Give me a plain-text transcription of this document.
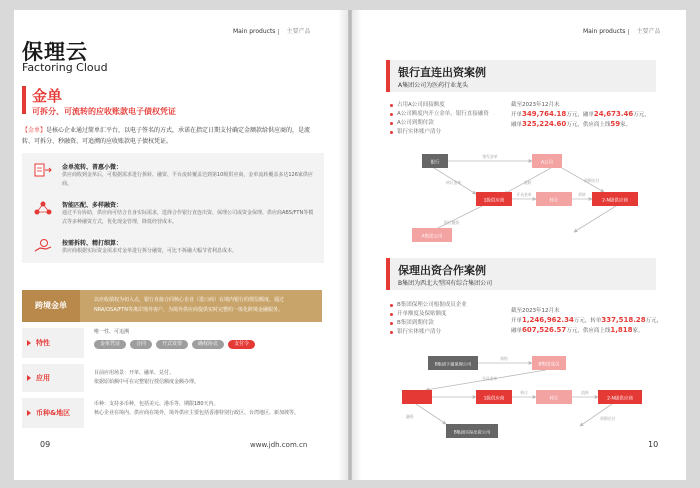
Main products 主要产品
保理云
Factoring Cloud
金单
可拆分、可流转的应收账款电子债权凭证
【金单】是核心企业通过简单汇平台，以电子签名的方式，承诺在指定日期支付确定金额款给供应商的，是流转、可拆分、秒融资、可追溯的应收账款电子债权凭证。
金单流转、普惠小微：
供应商收到金单后，可根据需求进行拆转、融资、平台流转覆盖达到第10级供应商，金单流转覆盖多达126家供应商。
智能匹配、多样融资：
通过平台协助，供应商可结合自身实际需求，选择合作银行直连出资、保理公司或资金保理、供应商ABS/FTN等模式等多种融资方式，优化现金管理，降低经营成本。
按需拆转、精打细算：
供应商根据实际资金需求对金单进行拆分融资，可比不拆融大幅节省利息成本。
跨境金单
以应收债权为切入点，银行直接合同核心企业（进口商）在境内银行的授信额度，通过NRA/OSA/FTN等离岸境外客户，为境外供应商提供实时完整的一体化跨境金融服务。
特性
唯一性、可追溯
金单凭证	合同	开式发票	确权协议	支付令
应用
目前应用场景：开单、融单、兑付。
依据原始额中可在完整银行授信额度金额办理。
币种&地区
币种：支持多币种，包括美元、港币等，期限180天内。
核心企业在境内、供应商在境外，境外供应主要包括香港特别行政区、台湾地区、新加坡等。
09	www.jdh.com.cn
Main products 主要产品
银行直连出资案例
A集团公司为医药行业龙头
占用A公司间接额度
A公司额度内开立金单，银行直接融资
A公司到期付款
银行实体账户清分
截至2023年12月末
开单349,764.18万元，融单24,673.46万元，
融单325,224.60万元，供应商上线59家。
银行	A公司
1级供应商	转让	2-N级供应商
A集团公司
签发金单
转让金单	流转
开具金单
到期兑付
拆转
银行融资
保理出资合作案例
B集团为西北大型国有综合集团公司
B集团保理公司根据成员企业
开单额度及保贴额度
B集团到期付款
银行实体账户清分
截至2023年12月末
开单1,246,962.34万元，转单337,518.28万元，
融单607,526.57万元，供应商上线1,818家。
B集团下属保理公司	B集团成员
1级供应商	转让	2-N级供应商
B集团实际出资公司
保贴
开具金单
转让	流转
融资	到期兑付
10
